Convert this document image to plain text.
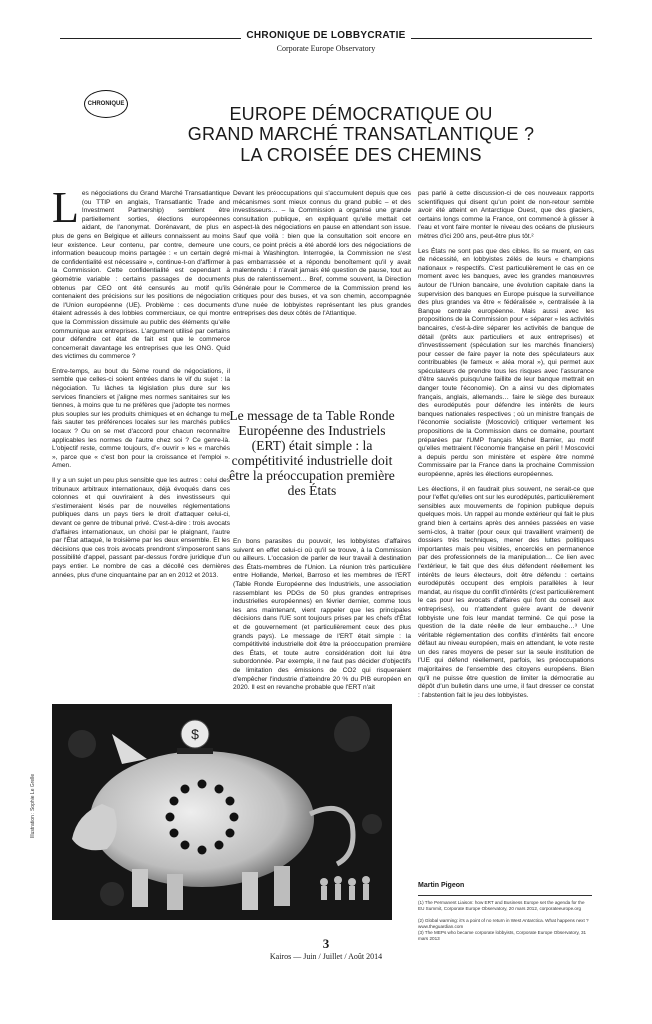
CHRONIQUE DE LOBBYCRATIE
Corporate Europe Observatory
CHRONIQUE	EUROPE DÉMOCRATIQUE OU
GRAND MARCHÉ TRANSATLANTIQUE ?
LA CROISÉE DES CHEMINS

Les négociations du Grand Marché Transatlantique (ou TTIP en anglais, Transatlantic Trade and Investment Partnership) semblent être partiellement sorties, élections européennes aidant, de l'anonymat. Dorénavant, de plus en plus de gens en Belgique et ailleurs connaissent au moins leur existence. Leur contenu, par contre, demeure une information beaucoup moins partagée : « un certain degré de confidentialité est nécessaire », continue-t-on d'affirmer à la Commission. Cette confidentialité est cependant à géométrie variable : certains passages de documents obtenus par CEO ont été censurés au motif qu'ils contenaient des précisions sur les positions de négociation de l'Union européenne (UE). Problème : ces documents étaient adressés à des lobbies commerciaux, ce qui montre que la Commission dissimule au public des éléments qu'elle communique aux entreprises. L'argument utilisé par certains pour défendre cet état de fait est que le commerce concernerait davantage les entreprises que les ONG. Quid des victimes du commerce ?

Entre-temps, au bout du 5ème round de négociations, il semble que celles-ci soient entrées dans le vif du sujet : la négociation. Tu lâches ta législation plus dure sur les services financiers et j'aligne mes normes sanitaires sur les tiennes, à moins que tu ne préfères que j'adopte tes normes plus souples sur les produits chimiques et en échange tu me fais sauter tes préférences locales sur les marchés publics locaux ? Ou on se met d'accord pour chacun reconnaître applicables les normes de l'autre chez soi ? Ce genre-là. L'objectif reste, comme toujours, d'« ouvrir » les « marchés », parce que « c'est bon pour la croissance et l'emploi ». Amen.

Il y a un sujet un peu plus sensible que les autres : celui des tribunaux arbitraux internationaux, déjà évoqués dans ces colonnes et qui ouvriraient à des investisseurs qui s'estimeraient lésés par de nouvelles réglementations publiques dans un pays tiers le droit d'attaquer celui-ci, devant ce genre de tribunal privé. C'est-à-dire : trois avocats d'affaires internationaux, un choisi par le plaignant, l'autre par l'État attaqué, le troisième par les deux ensemble. Et les décisions que ces trois avocats prendront s'imposeront sans possibilité d'appel, passant par-dessus l'ordre juridique d'un pays entier. Le nombre de cas a décollé ces dernières années, plus d'une cinquantaine par an en 2012 et 2013.

Devant les préoccupations qui s'accumulent depuis que ces mécanismes sont mieux connus du grand public – et des investisseurs… – la Commission a organisé une grande consultation publique, en expliquant qu'elle mettait cet aspect-là des négociations en pause en attendant son issue. Sauf que voilà : bien que la consultation soit encore en cours, ce point précis a été abordé lors des négociations de mi-mai à Washington. Interrogée, la Commission ne s'est pas embarrassée et a répondu benoîtement qu'il y avait malentendu : il n'avait jamais été question de pause, tout au plus de ralentissement… Bref, comme souvent, la Direction Générale pour le Commerce de la Commission prend les critiques pour des buses, et va son chemin, accompagnée d'une nuée de lobbyistes représentant les plus grandes entreprises des deux côtés de l'Atlantique.

Le message de ta Table Ronde Européenne des Industriels (ERT) était simple : la compétitivité industrielle doit être la préoccupation première des États

En bons parasites du pouvoir, les lobbyistes d'affaires suivent en effet celui-ci où qu'il se trouve, à la Commission ou ailleurs. L'occasion de parler de leur travail à destination des États-membres de l'Union. La réunion très particulière entre Hollande, Merkel, Barroso et les membres de l'ERT (Table Ronde Européenne des Industriels, une association rassemblant les PDGs de 50 plus grandes entreprises industrielles européennes) en février dernier, comme tous les ans maintenant, vient rappeler que les principales décisions dans l'UE sont toujours prises par les chefs d'État et de gouvernement (et particulièrement ceux des plus grands pays). Le message de l'ERT était simple : la compétitivité industrielle doit être la préoccupation première des États, et toute autre considération doit lui être subordonnée. Par exemple, il ne faut pas décider d'objectifs de limitation des émissions de CO2 qui risqueraient d'empêcher l'industrie d'atteindre 20 % du PIB européen en 2020. Il est en revanche probable que l'ERT n'ait

pas parlé à cette discussion-ci de ces nouveaux rapports scientifiques qui disent qu'un point de non-retour semble avoir été atteint en Antarctique Ouest, que des glaciers, certains longs comme la France, ont commencé à glisser à l'eau et vont faire monter le niveau des océans de plusieurs mètres d'ici 200 ans, peut-être plus tôt.²

Les États ne sont pas que des cibles. Ils se muent, en cas de nécessité, en lobbyistes zélés de leurs « champions nationaux » respectifs. C'est particulièrement le cas en ce moment avec les banques, avec les grandes manœuvres autour de l'Union bancaire, une évolution capitale dans la supervision des banques en Europe puisque la surveillance des plus grandes va être « fédéralisée », centralisée à la Banque centrale européenne. Mais aussi avec les propositions de la Commission pour « séparer » les activités bancaires, c'est-à-dire séparer les activités de banque de détail (prêts aux particuliers et aux entreprises) et d'investissement (spéculation sur les marchés financiers) pour cesser de faire payer la note des spéculateurs aux contribuables (le fameux « aléa moral »), qui permet aux spéculateurs de prendre tous les risques avec l'assurance d'être sauvés puisqu'une faillite de leur banque mettrait en danger toute l'économie). On a ainsi vu des diplomates français, anglais, allemands… faire le siège des bureaux des eurodéputés pour défendre les intérêts de leurs banques nationales respectives ; où un ministre français de l'économie socialiste (Moscovici) critiquer vertement les propositions de la Commission dans ce domaine, pourtant préparées par l'UMP français Michel Barnier, au motif qu'elles mettraient l'économie française en péril ! Moscovici a depuis perdu son ministère et espère être nommé Commissaire par la France dans la prochaine Commission européenne, après les élections européennes.

Les élections, il en faudrait plus souvent, ne serait-ce que pour l'effet qu'elles ont sur les eurodéputés, particulièrement sensibles aux mouvements de l'opinion publique depuis quelques mois. Un rappel au monde extérieur qui fait le plus grand bien à certains après des années passées en vase semi-clos, à traiter (pour ceux qui travaillent vraiment) de dossiers très techniques, mener des luttes politiques importantes mais peu visibles, encerclés en permanence par des professionnels de la manipulation… Ce lien avec l'extérieur, le fait que des élus défendent réellement les intérêts de leurs électeurs, doit être défendu : certains eurodéputés occupent des emplois parallèles à leur mandat, au risque du conflit d'intérêts (c'est particulièrement le cas pour les avocats d'affaires qui font du conseil aux entreprises), ou n'attendent guère avant de devenir lobbyiste une fois leur mandat terminé. Ce qui pose la question de la date réelle de leur embauche…³ Une véritable réglementation des conflits d'intérêts fait encore défaut au niveau européen, mais en attendant, le vote reste un des rares moyens de peser sur la seule institution de l'UE qui défend réellement, parfois, les préoccupations majoritaires de l'ensemble des citoyens européens. Bien qu'il ne puisse être question de limiter la démocratie au dépôt d'un bulletin dans une urne, il faut dresser ce constat : l'abstention fait le jeu des lobbyistes.

$
Illustration : Sophie Le Grelle
Martin Pigeon
(1) The Permanent Liaison: how ERT and Business Europe set the agenda for the EU Summit, Corporate Europe Observatory, 20 mars 2012, corporateeurope.org
(2) Global warming: it's a point of no return in West Antarctica. What happens next ? www.theguardian.com
(3) The MEPs who became corporate lobbyists, Corporate Europe Observatory, 31 mars 2013
3
Kairos — Juin / Juillet / Août 2014
